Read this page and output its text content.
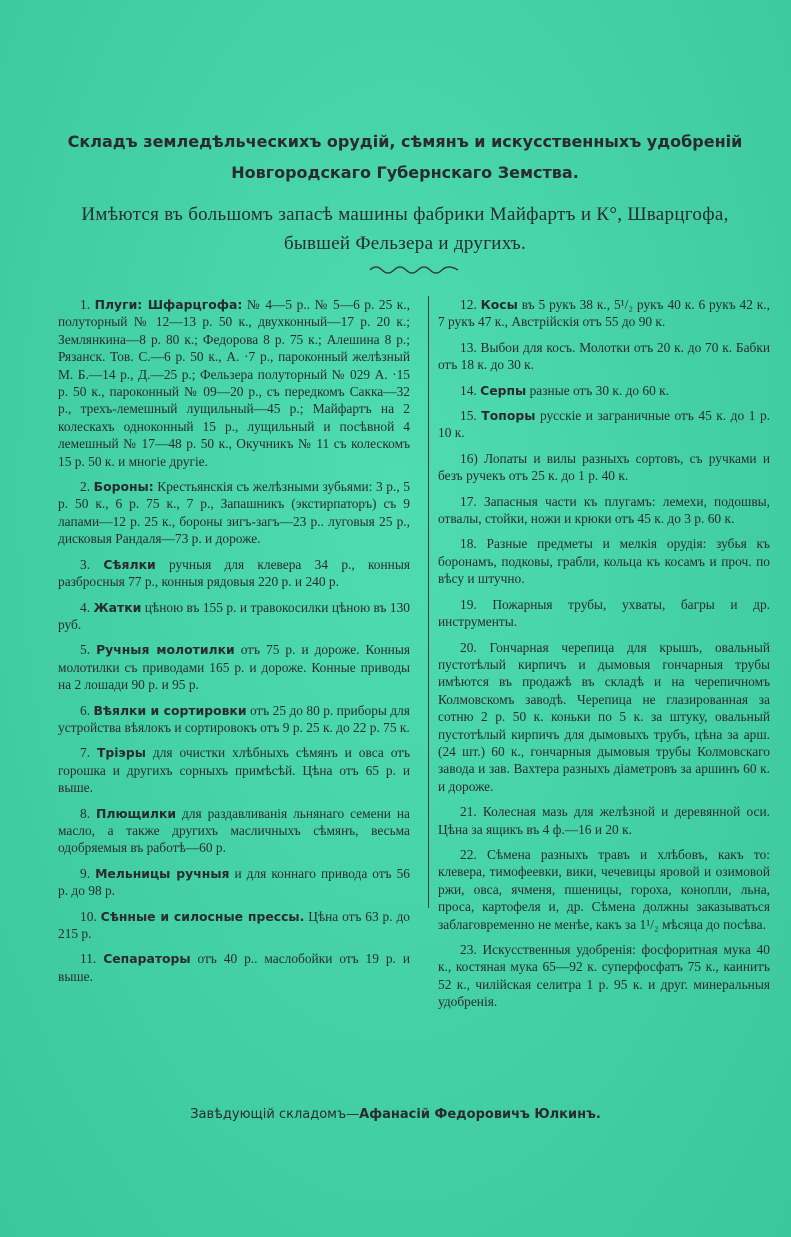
Складъ земледѣльческихъ орудій, сѣмянъ и искусственныхъ удобреній Новгородскаго Губернскаго Земства.

Имѣются въ большомъ запасѣ машины фабрики Майфартъ и К°, Шварцгофа, бывшей Фельзера и другихъ.

1. Плуги: Шфарцгофа: № 4—5 р.. № 5—6 р. 25 к., полуторный № 12—13 р. 50 к., двухконный—17 р. 20 к.; Землянкина—8 р. 80 к.; Федорова 8 р. 75 к.; Алешина 8 р.; Рязанск. Тов. С.—6 р. 50 к., А. ·7 р., пароконный желѣзный М. Б.—14 р., Д.—25 р.; Фельзера полуторный № 029 А. ·15 р. 50 к., пароконный № 09—20 р., съ передкомъ Сакка—32 р., трехъ-лемешный лущильный—45 р.; Майфартъ на 2 колескахъ одноконный 15 р., лущильный и посѣвной 4 лемешный № 17—48 р. 50 к., Окучникъ № 11 съ колескомъ 15 р. 50 к. и многіе другіе.

2. Бороны: Крестьянскія съ желѣзными зубьями: 3 р., 5 р. 50 к., 6 р. 75 к., 7 р., Запашникъ (экстирпаторъ) съ 9 лапами—12 р. 25 к., бороны зигъ-загъ—23 р.. луговыя 25 р., дисковыя Рандаля—73 р. и дороже.

3. Сѣялки ручныя для клевера 34 р., конныя разбросныя 77 р., конныя рядовыя 220 р. и 240 р.

4. Жатки цѣною въ 155 р. и травокосилки цѣною въ 130 руб.

5. Ручныя молотилки отъ 75 р. и дороже. Конныя молотилки съ приводами 165 р. и дороже. Конные приводы на 2 лошади 90 р. и 95 р.

6. Вѣялки и сортировки отъ 25 до 80 р. приборы для устройства вѣялокъ и сортировокъ отъ 9 р. 25 к. до 22 р. 75 к.

7. Тріэры для очистки хлѣбныхъ сѣмянъ и овса отъ горошка и другихъ сорныхъ примѣсѣй. Цѣна отъ 65 р. и выше.

8. Плющилки для раздавливанія льнянаго семени на масло, а также другихъ масличныхъ сѣмянъ, весьма одобряемыя въ работѣ—60 р.

9. Мельницы ручныя и для коннаго привода отъ 56 р. до 98 р.

10. Сѣнные и силосные прессы. Цѣна отъ 63 р. до 215 р.

11. Сепараторы отъ 40 р.. маслобойки отъ 19 р. и выше.

12. Косы въ 5 рукъ 38 к., 5¹/₂ рукъ 40 к. 6 рукъ 42 к., 7 рукъ 47 к., Австрійскія отъ 55 до 90 к.

13. Выбои для косъ. Молотки отъ 20 к. до 70 к. Бабки отъ 18 к. до 30 к.

14. Серпы разные отъ 30 к. до 60 к.

15. Топоры русскіе и заграничные отъ 45 к. до 1 р. 10 к.

16) Лопаты и вилы разныхъ сортовъ, съ ручками и безъ ручекъ отъ 25 к. до 1 р. 40 к.

17. Запасныя части къ плугамъ: лемехи, подошвы, отвалы, стойки, ножи и крюки отъ 45 к. до 3 р. 60 к.

18. Разные предметы и мелкія орудія: зубья къ боронамъ, подковы, грабли, кольца къ косамъ и проч. по вѣсу и штучно.

19. Пожарныя трубы, ухваты, багры и др. инструменты.

20. Гончарная черепица для крышъ, овальный пустотѣлый кирпичъ и дымовыя гончарныя трубы имѣются въ продажѣ въ складѣ и на черепичномъ Колмовскомъ заводѣ. Черепица не глазированная за сотню 2 р. 50 к. коньки по 5 к. за штуку, овальный пустотѣлый кирпичъ для дымовыхъ трубъ, цѣна за арш. (24 шт.) 60 к., гончарныя дымовыя трубы Колмовскаго завода и зав. Вахтера разныхъ діаметровъ за аршинъ 60 к. и дороже.

21. Колесная мазь для желѣзной и деревянной оси. Цѣна за ящикъ въ 4 ф.—16 и 20 к.

22. Сѣмена разныхъ травъ и хлѣбовъ, какъ то: клевера, тимофеевки, вики, чечевицы яровой и озимовой ржи, овса, ячменя, пшеницы, гороха, конопли, льна, проса, картофеля и, др. Сѣмена должны заказываться заблаговременно не менѣе, какъ за 1¹/₂ мѣсяца до посѣва.

23. Искусственныя удобренія: фосфоритная мука 40 к., костяная мука 65—92 к. суперфосфатъ 75 к., каинитъ 52 к., чилійская селитра 1 р. 95 к. и друг. минеральныя удобренія.

Завѣдующій складомъ—Афанасій Федоровичъ Юлкинъ.
